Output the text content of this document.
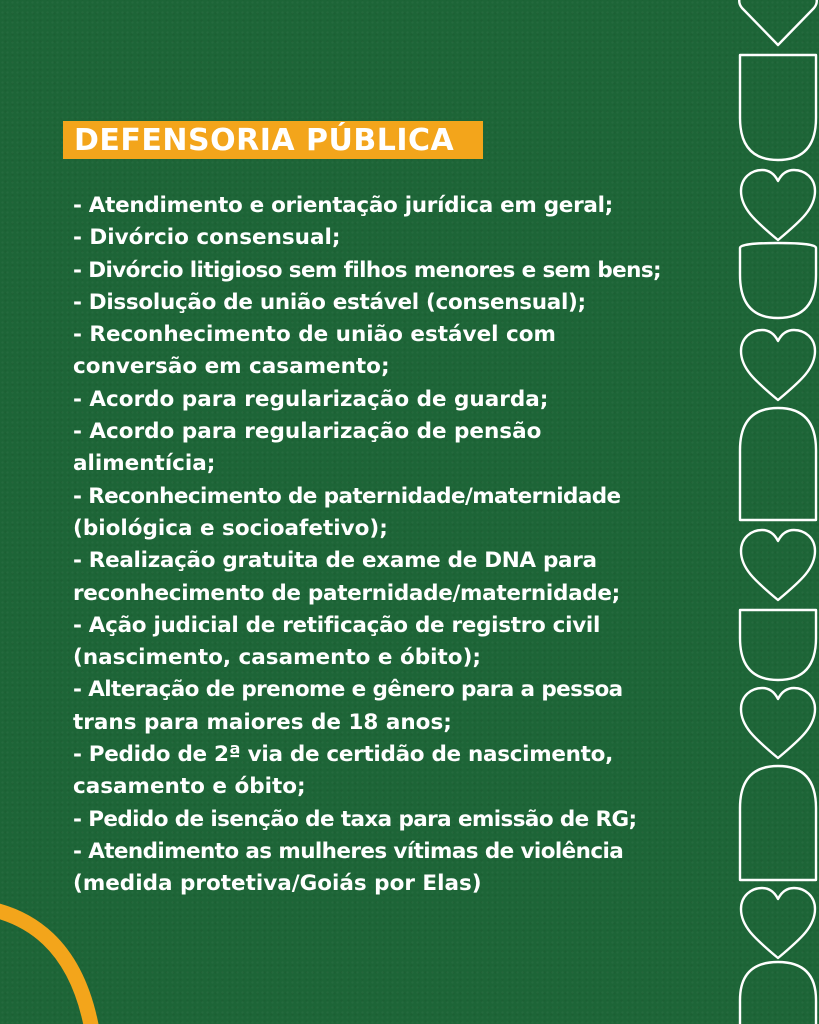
DEFENSORIA PÚBLICA
- Atendimento e orientação jurídica em geral;
- Divórcio consensual;
- Divórcio litigioso sem filhos menores e sem bens;
- Dissolução de união estável (consensual);
- Reconhecimento de união estável com
conversão em casamento;
- Acordo para regularização de guarda;
- Acordo para regularização de pensão
alimentícia;
- Reconhecimento de paternidade/maternidade
(biológica e socioafetivo);
- Realização gratuita de exame de DNA para
reconhecimento de paternidade/maternidade;
- Ação judicial de retificação de registro civil
(nascimento, casamento e óbito);
- Alteração de prenome e gênero para a pessoa
trans para maiores de 18 anos;
- Pedido de 2ª via de certidão de nascimento,
casamento e óbito;
- Pedido de isenção de taxa para emissão de RG;
- Atendimento as mulheres vítimas de violência
(medida protetiva/Goiás por Elas)
